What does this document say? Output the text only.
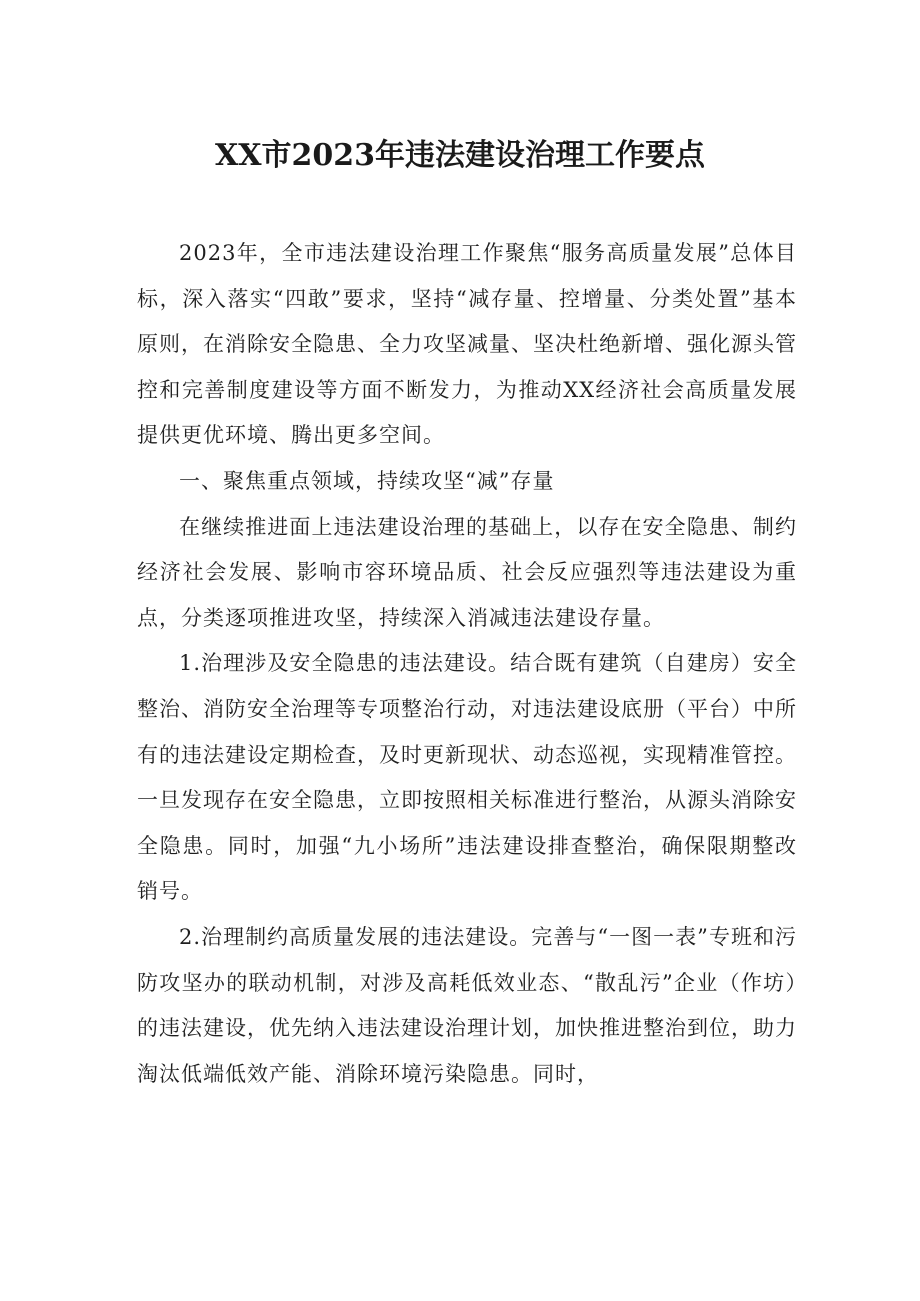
XX市2023年违法建设治理工作要点

2023年，全市违法建设治理工作聚焦“服务高质量发展”总体目标，深入落实“四敢”要求，坚持“减存量、控增量、分类处置”基本原则，在消除安全隐患、全力攻坚减量、坚决杜绝新增、强化源头管控和完善制度建设等方面不断发力，为推动XX经济社会高质量发展提供更优环境、腾出更多空间。

一、聚焦重点领域，持续攻坚“减”存量

在继续推进面上违法建设治理的基础上，以存在安全隐患、制约经济社会发展、影响市容环境品质、社会反应强烈等违法建设为重点，分类逐项推进攻坚，持续深入消减违法建设存量。

1.治理涉及安全隐患的违法建设。结合既有建筑（自建房）安全整治、消防安全治理等专项整治行动，对违法建设底册（平台）中所有的违法建设定期检查，及时更新现状、动态巡视，实现精准管控。一旦发现存在安全隐患，立即按照相关标准进行整治，从源头消除安全隐患。同时，加强“九小场所”违法建设排查整治，确保限期整改销号。

2.治理制约高质量发展的违法建设。完善与“一图一表”专班和污防攻坚办的联动机制，对涉及高耗低效业态、“散乱污”企业（作坊）的违法建设，优先纳入违法建设治理计划，加快推进整治到位，助力淘汰低端低效产能、消除环境污染隐患。同时，
